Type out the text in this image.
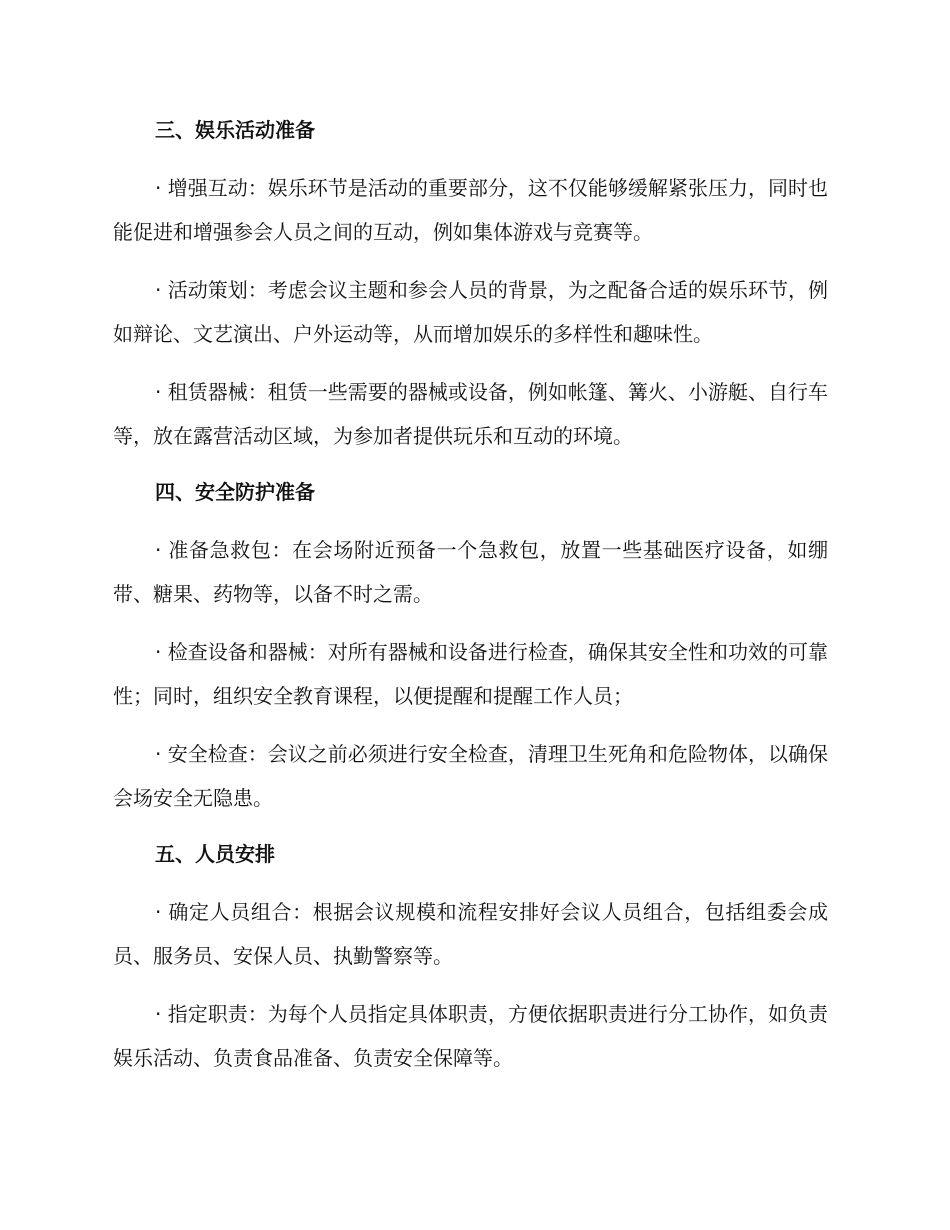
三、娱乐活动准备

· 增强互动：娱乐环节是活动的重要部分，这不仅能够缓解紧张压力，同时也能促进和增强参会人员之间的互动，例如集体游戏与竞赛等。

· 活动策划：考虑会议主题和参会人员的背景，为之配备合适的娱乐环节，例如辩论、文艺演出、户外运动等，从而增加娱乐的多样性和趣味性。

· 租赁器械：租赁一些需要的器械或设备，例如帐篷、篝火、小游艇、自行车等，放在露营活动区域，为参加者提供玩乐和互动的环境。

四、安全防护准备

· 准备急救包：在会场附近预备一个急救包，放置一些基础医疗设备，如绷带、糖果、药物等，以备不时之需。

· 检查设备和器械：对所有器械和设备进行检查，确保其安全性和功效的可靠性；同时，组织安全教育课程，以便提醒和提醒工作人员；

· 安全检查：会议之前必须进行安全检查，清理卫生死角和危险物体，以确保会场安全无隐患。

五、人员安排

· 确定人员组合：根据会议规模和流程安排好会议人员组合，包括组委会成员、服务员、安保人员、执勤警察等。

· 指定职责：为每个人员指定具体职责，方便依据职责进行分工协作，如负责娱乐活动、负责食品准备、负责安全保障等。
